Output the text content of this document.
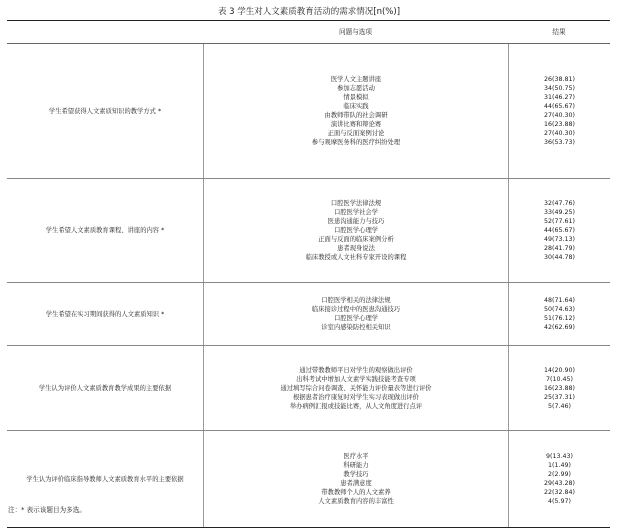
表 3 学生对人文素质教育活动的需求情况[n(%)]
问题与选项	结果
学生希望获得人文素质知识的教学方式 *
医学人文主题讲座
参加志愿活动
情景模拟
临床实践
由教师带队的社会调研
演讲比赛和辩论赛
正面与反面案例讨论
参与观摩医务科的医疗纠纷处理
26(38.81)
34(50.75)
31(46.27)
44(65.67)
27(40.30)
16(23.88)
27(40.30)
36(53.73)
学生希望人文素质教育课程、讲座的内容 *
口腔医学法律法规
口腔医学社会学
医患沟通能力与技巧
口腔医学心理学
正面与反面的临床案例分析
患者现身说法
临床教授或人文社科专家开设的课程
32(47.76)
33(49.25)
52(77.61)
44(65.67)
49(73.13)
28(41.79)
30(44.78)
学生希望在实习期间获得的人文素质知识 *
口腔医学相关的法律法规
临床接诊过程中的医患沟通技巧
口腔医学心理学
诊室内感染防控相关知识
48(71.64)
50(74.63)
51(76.12)
42(62.69)
学生认为评价人文素质教育教学成果的主要依据
通过带教教师平日对学生的观察做出评价
出科考试中增加人文素学实践技能考查专项
通过填写综合问卷调查、关怀能力评价量表等进行评价
根据患者治疗康复时对学生实习表现做出评价
举办病例汇报或技能比赛，从人文角度进行点评
14(20.90)
7(10.45)
16(23.88)
25(37.31)
5(7.46)
学生认为评价临床指导教师人文素质教育水平的主要依据
医疗水平
科研能力
教学技巧
患者满意度
带教教师个人的人文素养
人文素质教育内容的丰富性
9(13.43)
1(1.49)
2(2.99)
29(43.28)
22(32.84)
4(5.97)
注：* 表示该题目为多选。
